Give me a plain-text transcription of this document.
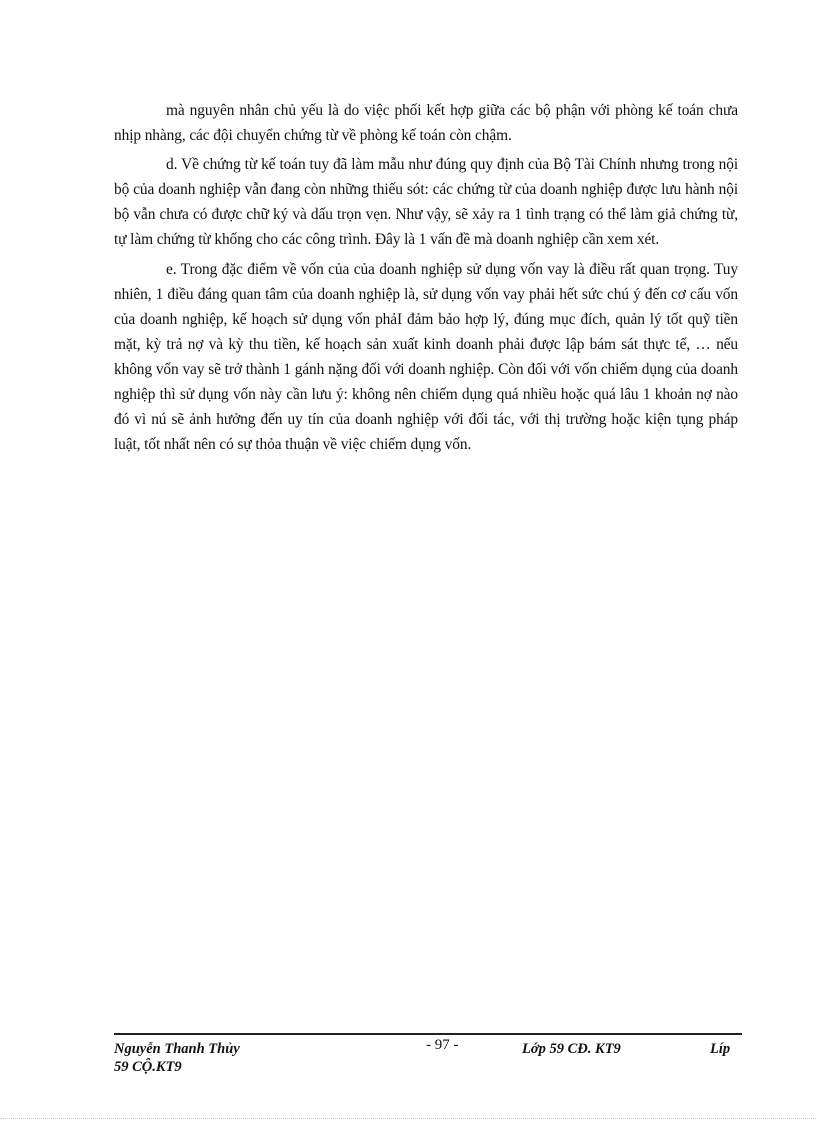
mà nguyên nhân chủ yếu là do việc phối kết hợp giữa các bộ phận với phòng kế toán chưa nhịp nhàng, các đội chuyển chứng từ về phòng kế toán còn chậm.

d. Về chứng từ kế toán tuy đã làm mẫu như đúng quy định của Bộ Tài Chính nhưng trong nội bộ của doanh nghiệp vẫn đang còn những thiếu sót: các chứng từ của doanh nghiệp được lưu hành nội bộ vẫn chưa có được chữ ký và dấu trọn vẹn. Như vậy, sẽ xảy ra 1 tình trạng có thể làm giả chứng từ, tự làm chứng từ khống cho các công trình. Đây là 1 vấn đề mà doanh nghiệp cần xem xét.

e. Trong đặc điểm về vốn của của doanh nghiệp sử dụng vốn vay là điều rất quan trọng. Tuy nhiên, 1 điều đáng quan tâm của doanh nghiệp là, sử dụng vốn vay phải hết sức chú ý đến cơ cấu vốn của doanh nghiệp, kế hoạch sử dụng vốn phảI đảm bảo hợp lý, đúng mục đích, quản lý tốt quỹ tiền mặt, kỳ trả nợ và kỳ thu tiền, kế hoạch sản xuất kinh doanh phải được lập bám sát thực tế, … nếu không vốn vay sẽ trở thành 1 gánh nặng đối với doanh nghiệp. Còn đối với vốn chiếm dụng của doanh nghiệp thì sử dụng vốn này cần lưu ý: không nên chiếm dụng quá nhiều hoặc quá lâu 1 khoản nợ nào đó vì nú sẽ ảnh hưởng đến uy tín của doanh nghiệp với đối tác, với thị trường hoặc kiện tụng pháp luật, tốt nhất nên có sự thỏa thuận về việc chiếm dụng vốn.

Nguyễn Thanh Thủy	- 97 -	Lớp 59 CĐ. KT9	Líp
59 CỘ.KT9
